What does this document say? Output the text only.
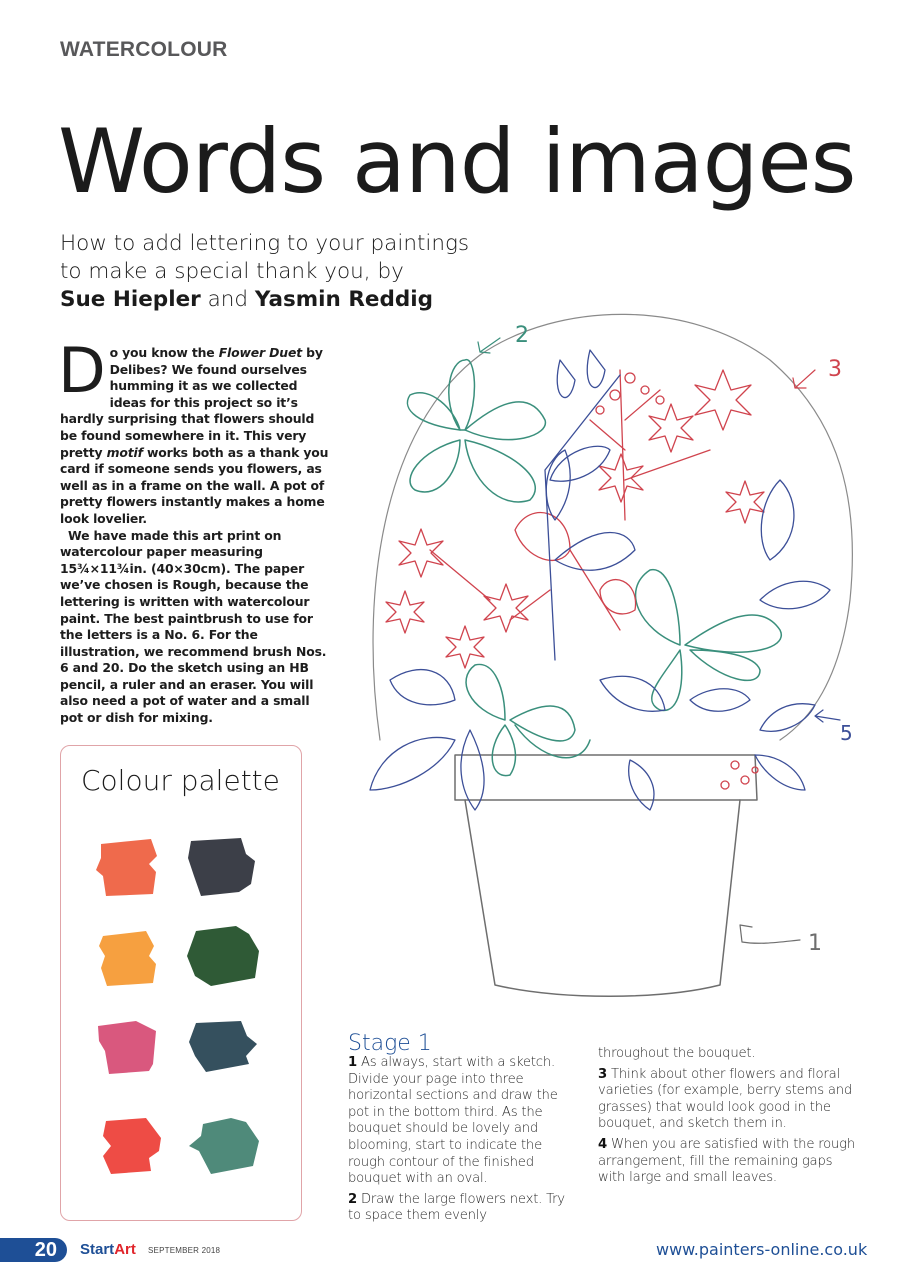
WATERCOLOUR
Words and images
How to add lettering to your paintings
to make a special thank you, by
Sue Hiepler and Yasmin Reddig

Do you know the Flower Duet by Delibes? We found ourselves humming it as we collected ideas for this project so it’s hardly surprising that flowers should be found somewhere in it. This very pretty motif works both as a thank you card if someone sends you flowers, as well as in a frame on the wall. A pot of pretty flowers instantly makes a home look lovelier.

We have made this art print on watercolour paper measuring 15¾×11¾in. (40×30cm). The paper we’ve chosen is Rough, because the lettering is written with watercolour paint. The best paintbrush to use for the letters is a No. 6. For the illustration, we recommend brush Nos. 6 and 20. Do the sketch using an HB pencil, a ruler and an eraser. You will also need a pot of water and a small pot or dish for mixing.

Colour palette
2
3
5
1
Stage 1

1 As always, start with a sketch. Divide your page into three horizontal sections and draw the pot in the bottom third. As the bouquet should be lovely and blooming, start to indicate the rough contour of the finished bouquet with an oval.

2 Draw the large flowers next. Try to space them evenly

throughout the bouquet.

3 Think about other flowers and floral varieties (for example, berry stems and grasses) that would look good in the bouquet, and sketch them in.

4 When you are satisfied with the rough arrangement, fill the remaining gaps with large and small leaves.

20	StartArt SEPTEMBER 2018	www.painters-online.co.uk
